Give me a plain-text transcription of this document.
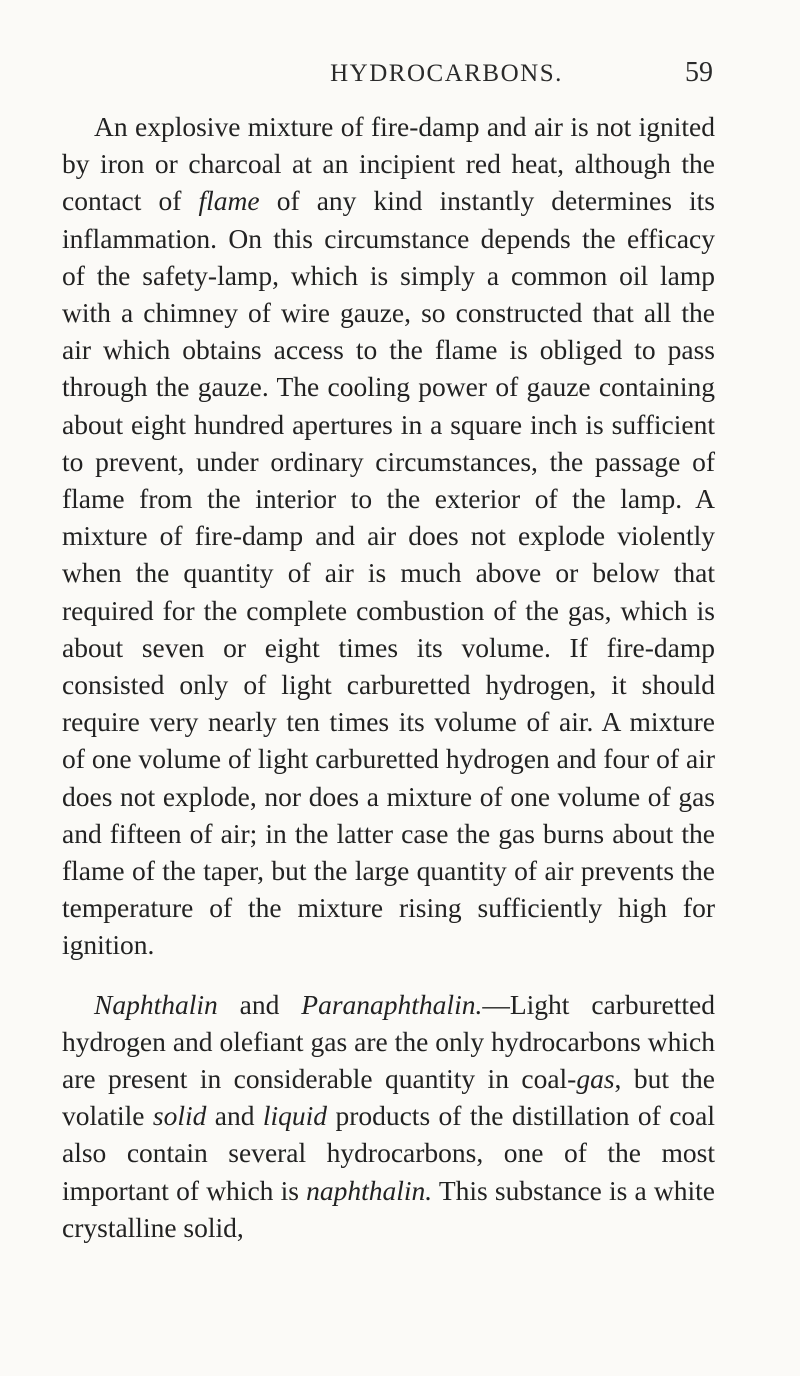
HYDROCARBONS.	59

An explosive mixture of fire-damp and air is not ignited by iron or charcoal at an incipient red heat, although the contact of flame of any kind instantly determines its inflammation. On this circumstance depends the efficacy of the safety-lamp, which is simply a common oil lamp with a chimney of wire gauze, so constructed that all the air which obtains access to the flame is obliged to pass through the gauze. The cooling power of gauze containing about eight hundred apertures in a square inch is sufficient to prevent, under ordinary circumstances, the passage of flame from the interior to the exterior of the lamp. A mixture of fire-damp and air does not explode violently when the quantity of air is much above or below that required for the complete combustion of the gas, which is about seven or eight times its volume. If fire-damp consisted only of light carburetted hydrogen, it should require very nearly ten times its volume of air. A mixture of one volume of light carburetted hydrogen and four of air does not explode, nor does a mixture of one volume of gas and fifteen of air; in the latter case the gas burns about the flame of the taper, but the large quantity of air prevents the temperature of the mixture rising sufficiently high for ignition.

Naphthalin and Paranaphthalin.—Light carburetted hydrogen and olefiant gas are the only hydrocarbons which are present in considerable quantity in coal-gas, but the volatile solid and liquid products of the distillation of coal also contain several hydrocarbons, one of the most important of which is naphthalin. This substance is a white crystalline solid,
